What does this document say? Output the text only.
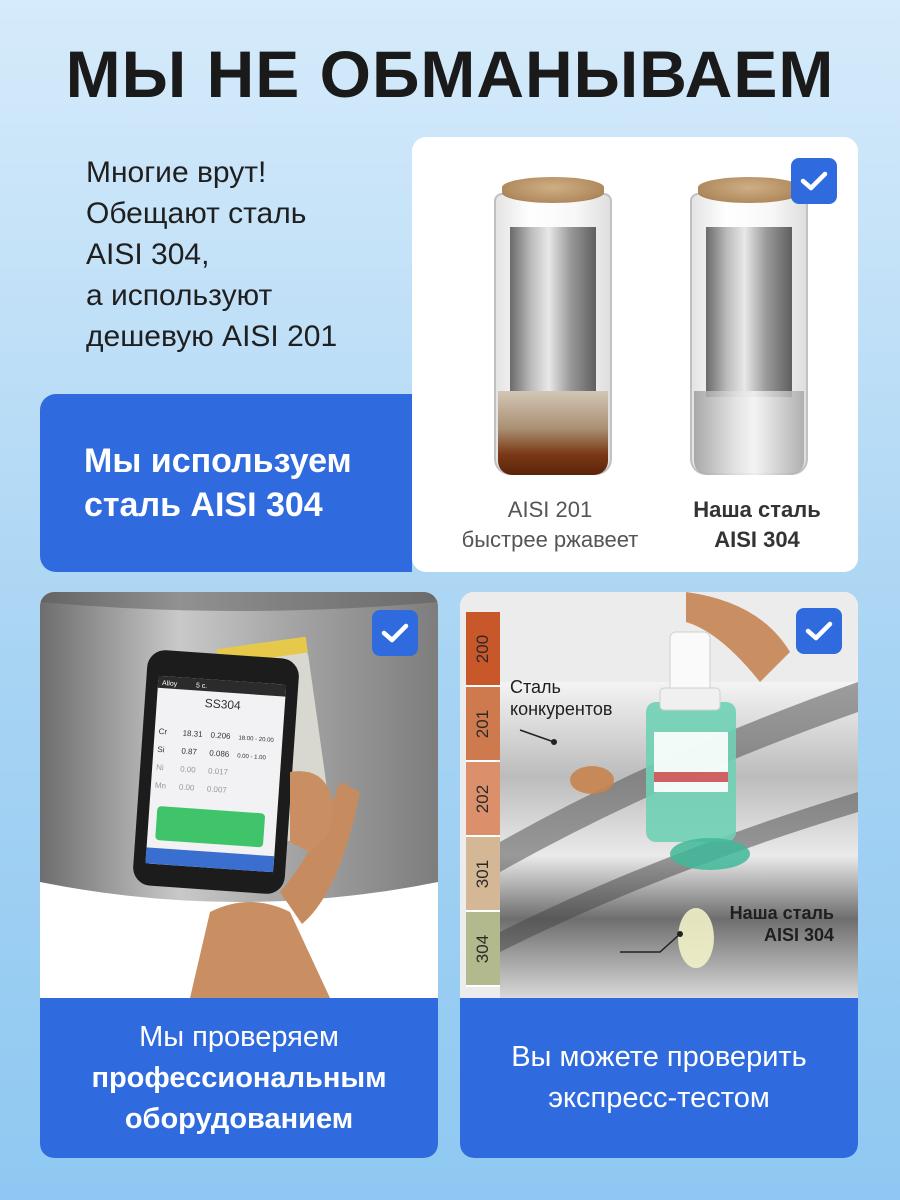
МЫ НЕ ОБМАНЫВАЕМ
Многие врут!
Обещают сталь
AISI 304,
а используют
дешевую AISI 201
AISI 201
быстрее ржавеет
Наша сталь
AISI 304
Мы используем
сталь AISI 304
Alloy	5 с.
SS304
Cr 18.31 0.206 18.00 - 20.00
Si 0.87 0.086 0.00 - 1.00
Ni 0.00 0.017
Mn 0.00 0.007
Мы проверяем
профессиональным
оборудованием
200
201
202
301
304
Сталь
конкурентов
Наша сталь
AISI 304
Вы можете проверить
экспресс-тестом
